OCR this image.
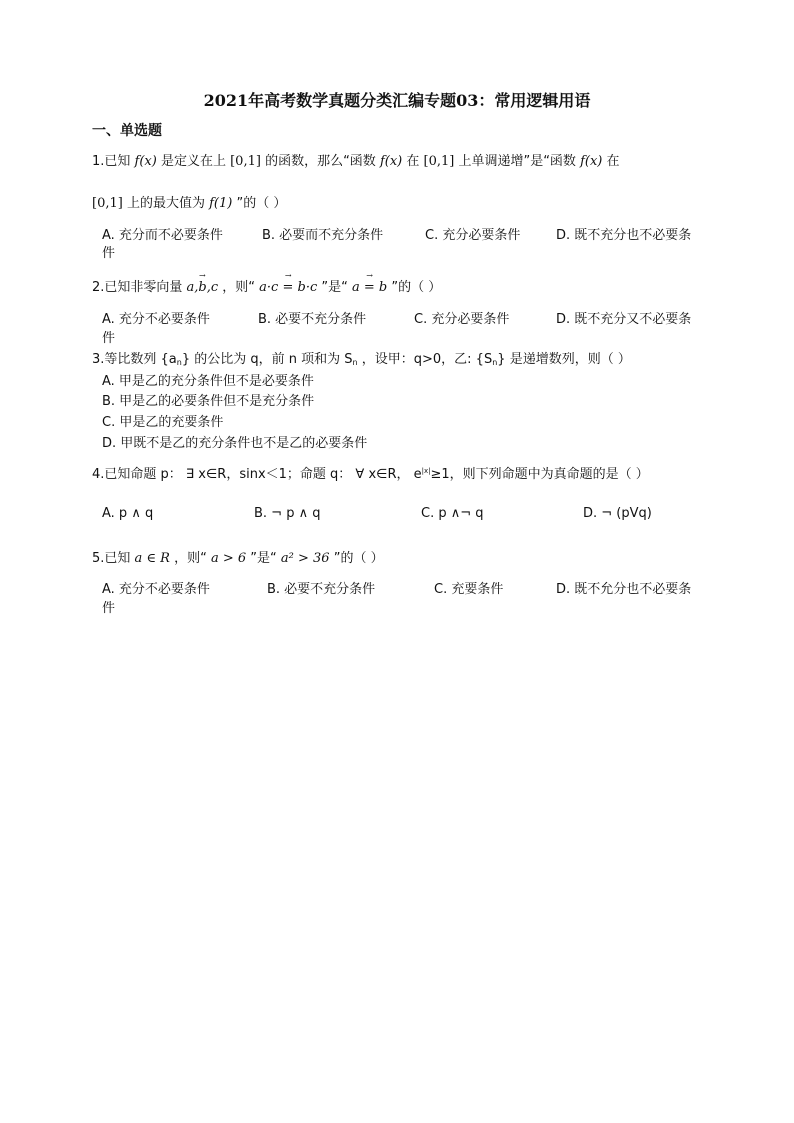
2021年高考数学真题分类汇编专题03：常用逻辑用语
一、单选题
1.已知 f(x) 是定义在上 [0,1] 的函数，那么“函数 f(x) 在 [0,1] 上单调递增”是“函数 f(x) 在
[0,1] 上的最大值为 f(1) ”的（ ）
A. 充分而不必要条件	B. 必要而不充分条件	C. 充分必要条件	D. 既不充分也不必要条
件
2.已知非零向量 → a,b,c ，则“ → a·c = b·c ”是“ → a = b ”的（ ）
A. 充分不必要条件	B. 必要不充分条件	C. 充分必要条件	D. 既不充分又不必要条
件
3.等比数列 $\{a_n\}$ 的公比为 q，前 n 项和为 $S_n$ ，设甲：q>0，乙: $\{S_n\}$ 是递增数列，则（ ）
A. 甲是乙的充分条件但不是必要条件
B. 甲是乙的必要条件但不是充分条件
C. 甲是乙的充要条件
D. 甲既不是乙的充分条件也不是乙的必要条件
4.已知命题 p： ∃ x∈R，sinx＜1；命题 q： ∀ x∈R， $e^{|x|}\ge 1$，则下列命题中为真命题的是（ ）
A. p ∧ q	B. ¬ p ∧ q	C. p ∧¬ q	D. ¬ (pVq)
5.已知 a ∈ R ，则“ a > 6 ”是“ a² > 36 ”的（ ）
A. 充分不必要条件	B. 必要不充分条件	C. 充要条件	D. 既不允分也不必要条
件
